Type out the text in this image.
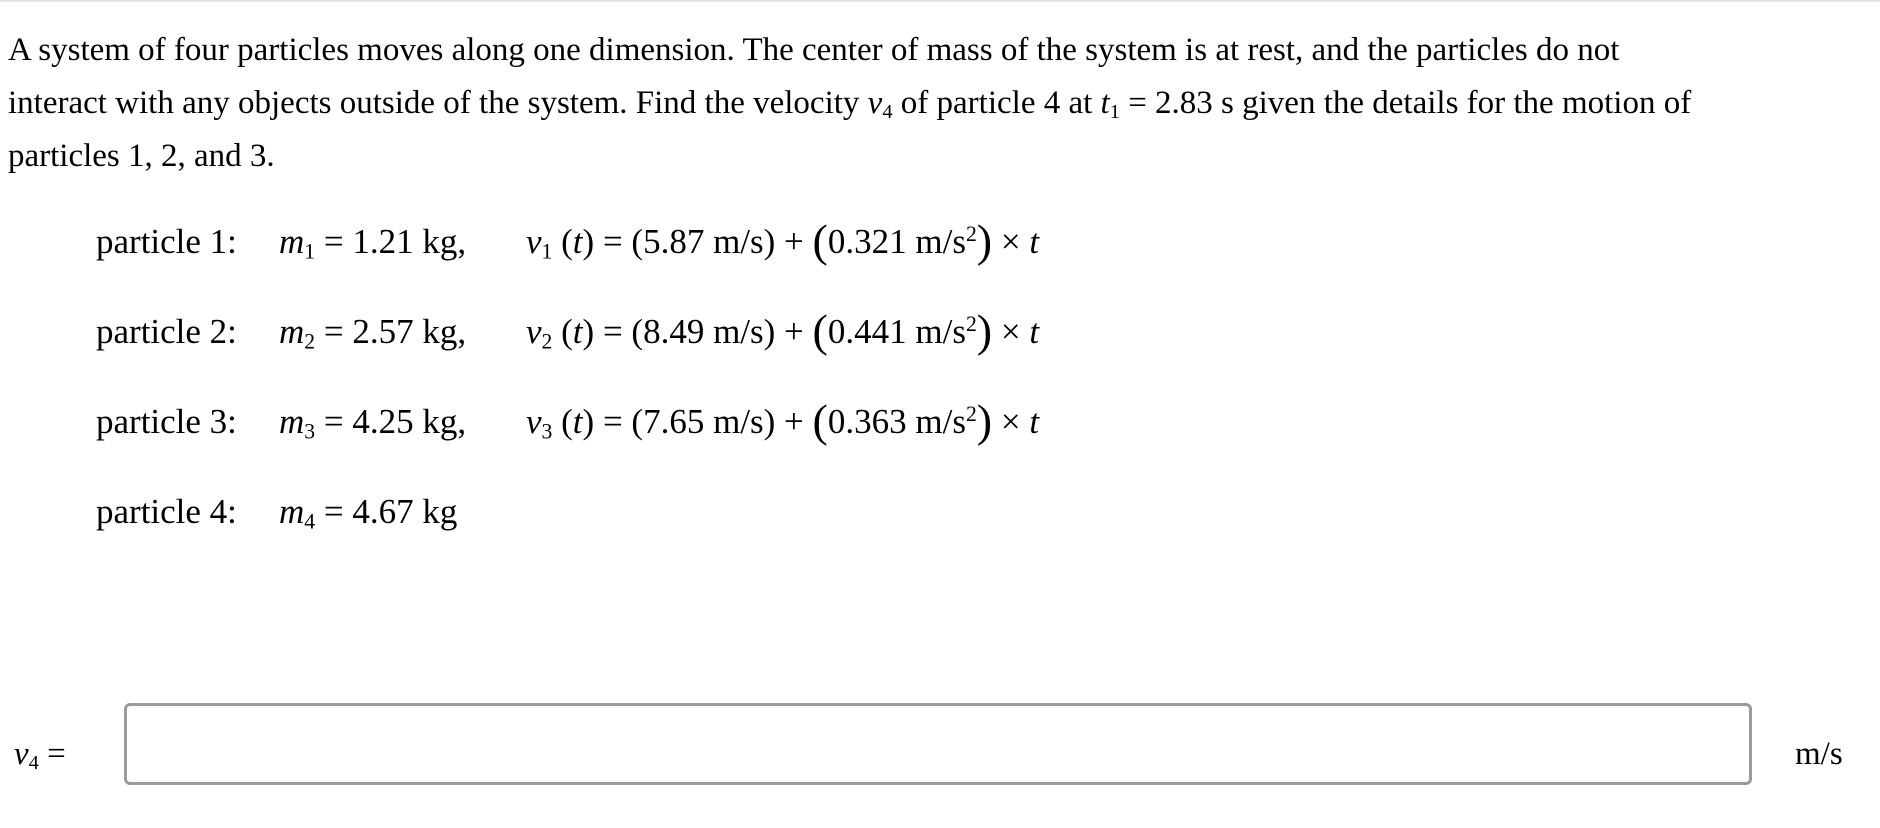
A system of four particles moves along one dimension. The center of mass of the system is at rest, and the particles do not
interact with any objects outside of the system. Find the velocity $v_4$ of particle 4 at $t_1 = 2.83$ s given the details for the motion of
particles 1, 2, and 3.
particle 1: $m_1 = 1.21$ kg, $v_1$ (t) = (5.87 m/s) + (0.321 $m/s^2) \times t$
particle 2: $m_2 = 2.57$ kg, $v_2$ (t) = (8.49 m/s) + (0.441 $m/s^2) \times t$
particle 3: $m_3 = 4.25$ kg, $v_3$ (t) = (7.65 m/s) + (0.363 $m/s^2) \times t$
particle 4: $m_4 = 4.67$ kg
$v_4$ =	m/s
